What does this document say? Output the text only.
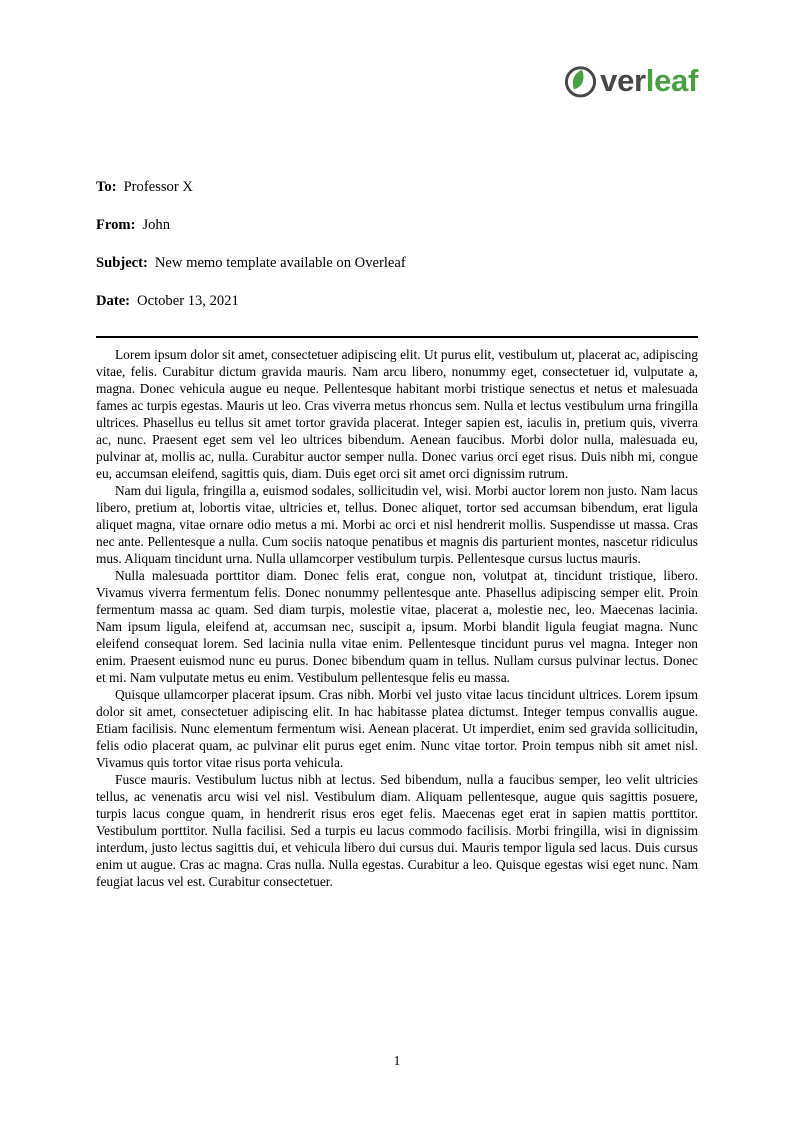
ver leaf

To: Professor X

From: John

Subject: New memo template available on Overleaf

Date: October 13, 2021

Lorem ipsum dolor sit amet, consectetuer adipiscing elit. Ut purus elit, vestibulum ut, placerat ac, adipiscing vitae, felis. Curabitur dictum gravida mauris. Nam arcu libero, nonummy eget, consectetuer id, vulputate a, magna. Donec vehicula augue eu neque. Pellentesque habitant morbi tristique senectus et netus et malesuada fames ac turpis egestas. Mauris ut leo. Cras viverra metus rhoncus sem. Nulla et lectus vestibulum urna fringilla ultrices. Phasellus eu tellus sit amet tortor gravida placerat. Integer sapien est, iaculis in, pretium quis, viverra ac, nunc. Praesent eget sem vel leo ultrices bibendum. Aenean faucibus. Morbi dolor nulla, malesuada eu, pulvinar at, mollis ac, nulla. Curabitur auctor semper nulla. Donec varius orci eget risus. Duis nibh mi, congue eu, accumsan eleifend, sagittis quis, diam. Duis eget orci sit amet orci dignissim rutrum.

Nam dui ligula, fringilla a, euismod sodales, sollicitudin vel, wisi. Morbi auctor lorem non justo. Nam lacus libero, pretium at, lobortis vitae, ultricies et, tellus. Donec aliquet, tortor sed accumsan bibendum, erat ligula aliquet magna, vitae ornare odio metus a mi. Morbi ac orci et nisl hendrerit mollis. Suspendisse ut massa. Cras nec ante. Pellentesque a nulla. Cum sociis natoque penatibus et magnis dis parturient montes, nascetur ridiculus mus. Aliquam tincidunt urna. Nulla ullamcorper vestibulum turpis. Pellentesque cursus luctus mauris.

Nulla malesuada porttitor diam. Donec felis erat, congue non, volutpat at, tincidunt tristique, libero. Vivamus viverra fermentum felis. Donec nonummy pellentesque ante. Phasellus adipiscing semper elit. Proin fermentum massa ac quam. Sed diam turpis, molestie vitae, placerat a, molestie nec, leo. Maecenas lacinia. Nam ipsum ligula, eleifend at, accumsan nec, suscipit a, ipsum. Morbi blandit ligula feugiat magna. Nunc eleifend consequat lorem. Sed lacinia nulla vitae enim. Pellentesque tincidunt purus vel magna. Integer non enim. Praesent euismod nunc eu purus. Donec bibendum quam in tellus. Nullam cursus pulvinar lectus. Donec et mi. Nam vulputate metus eu enim. Vestibulum pellentesque felis eu massa.

Quisque ullamcorper placerat ipsum. Cras nibh. Morbi vel justo vitae lacus tincidunt ultrices. Lorem ipsum dolor sit amet, consectetuer adipiscing elit. In hac habitasse platea dictumst. Integer tempus convallis augue. Etiam facilisis. Nunc elementum fermentum wisi. Aenean placerat. Ut imperdiet, enim sed gravida sollicitudin, felis odio placerat quam, ac pulvinar elit purus eget enim. Nunc vitae tortor. Proin tempus nibh sit amet nisl. Vivamus quis tortor vitae risus porta vehicula.

Fusce mauris. Vestibulum luctus nibh at lectus. Sed bibendum, nulla a faucibus semper, leo velit ultricies tellus, ac venenatis arcu wisi vel nisl. Vestibulum diam. Aliquam pellentesque, augue quis sagittis posuere, turpis lacus congue quam, in hendrerit risus eros eget felis. Maecenas eget erat in sapien mattis porttitor. Vestibulum porttitor. Nulla facilisi. Sed a turpis eu lacus commodo facilisis. Morbi fringilla, wisi in dignissim interdum, justo lectus sagittis dui, et vehicula libero dui cursus dui. Mauris tempor ligula sed lacus. Duis cursus enim ut augue. Cras ac magna. Cras nulla. Nulla egestas. Curabitur a leo. Quisque egestas wisi eget nunc. Nam feugiat lacus vel est. Curabitur consectetuer.

1
